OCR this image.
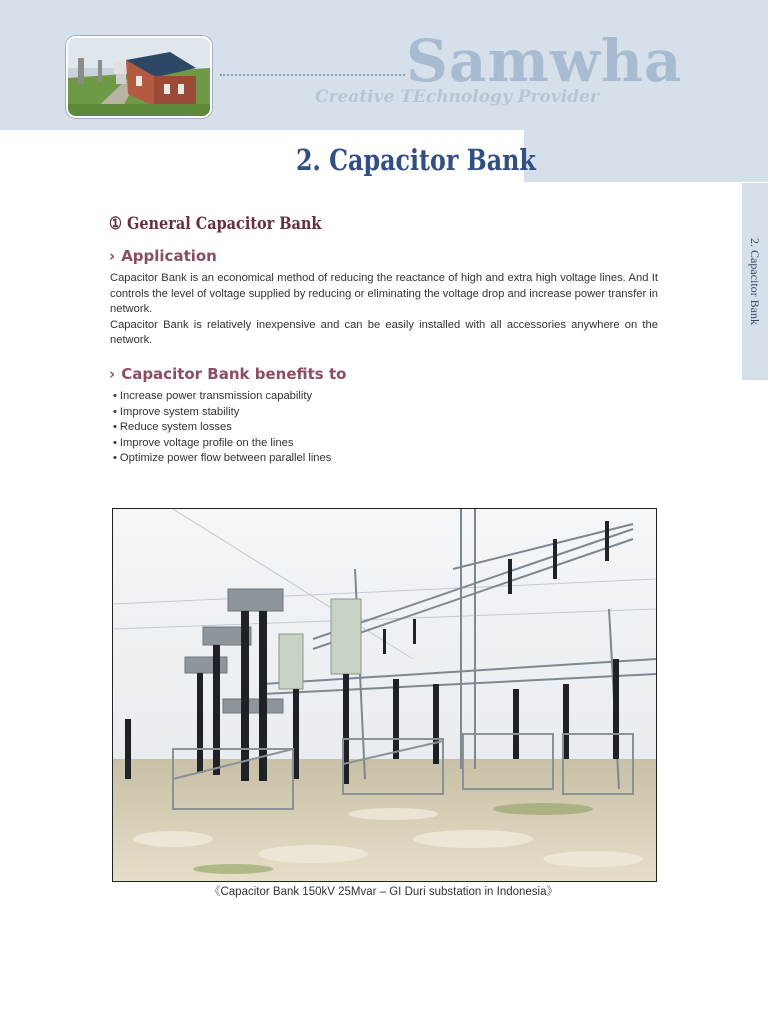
Samwha
Creative TEchnology Provider
2. Capacitor Bank
2. Capacitor Bank
① General Capacitor Bank
› Application

Capacitor Bank is an economical method of reducing the reactance of high and extra high voltage lines. And It controls the level of voltage supplied by reducing or eliminating the voltage drop and increase power transfer in network.

Capacitor Bank is relatively inexpensive and can be easily installed with all accessories anywhere on the network.

› Capacitor Bank benefits to
• Increase power transmission capability
• Improve system stability
• Reduce system losses
• Improve voltage profile on the lines
• Optimize power flow between parallel lines
《Capacitor Bank 150kV 25Mvar – GI Duri substation in Indonesia》
